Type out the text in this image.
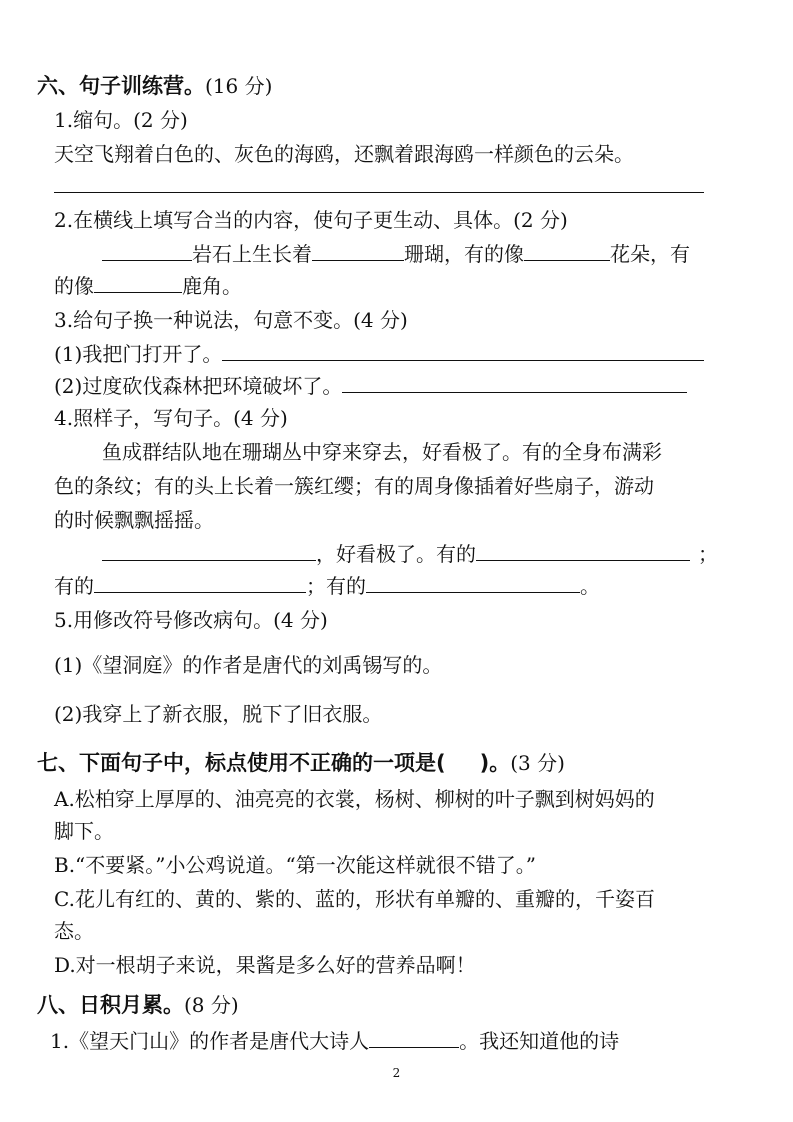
六、句子训练营。(16 分)
1.缩句。(2 分)
天空飞翔着白色的、灰色的海鸥，还飘着跟海鸥一样颜色的云朵。
2.在横线上填写合当的内容，使句子更生动、具体。(2 分)
岩石上生长着	珊瑚，有的像	花朵，有
的像	鹿角。
3.给句子换一种说法，句意不变。(4 分)
(1)我把门打开了。
(2)过度砍伐森林把环境破坏了。
4.照样子，写句子。(4 分)
鱼成群结队地在珊瑚丛中穿来穿去，好看极了。有的全身布满彩
色的条纹；有的头上长着一簇红缨；有的周身像插着好些扇子，游动
的时候飘飘摇摇。
，好看极了。有的	；
有的	；有的	。
5.用修改符号修改病句。(4 分)
(1)《望洞庭》的作者是唐代的刘禹锡写的。
(2)我穿上了新衣服，脱下了旧衣服。
七、下面句子中，标点使用不正确的一项是( )。(3 分)
A.松柏穿上厚厚的、油亮亮的衣裳，杨树、柳树的叶子飘到树妈妈的
脚下。
B.“不要紧。”小公鸡说道。“第一次能这样就很不错了。”
C.花儿有红的、黄的、紫的、蓝的，形状有单瓣的、重瓣的，千姿百
态。
D.对一根胡子来说，果酱是多么好的营养品啊！
八、日积月累。(8 分)
1.《望天门山》的作者是唐代大诗人	。我还知道他的诗
2
